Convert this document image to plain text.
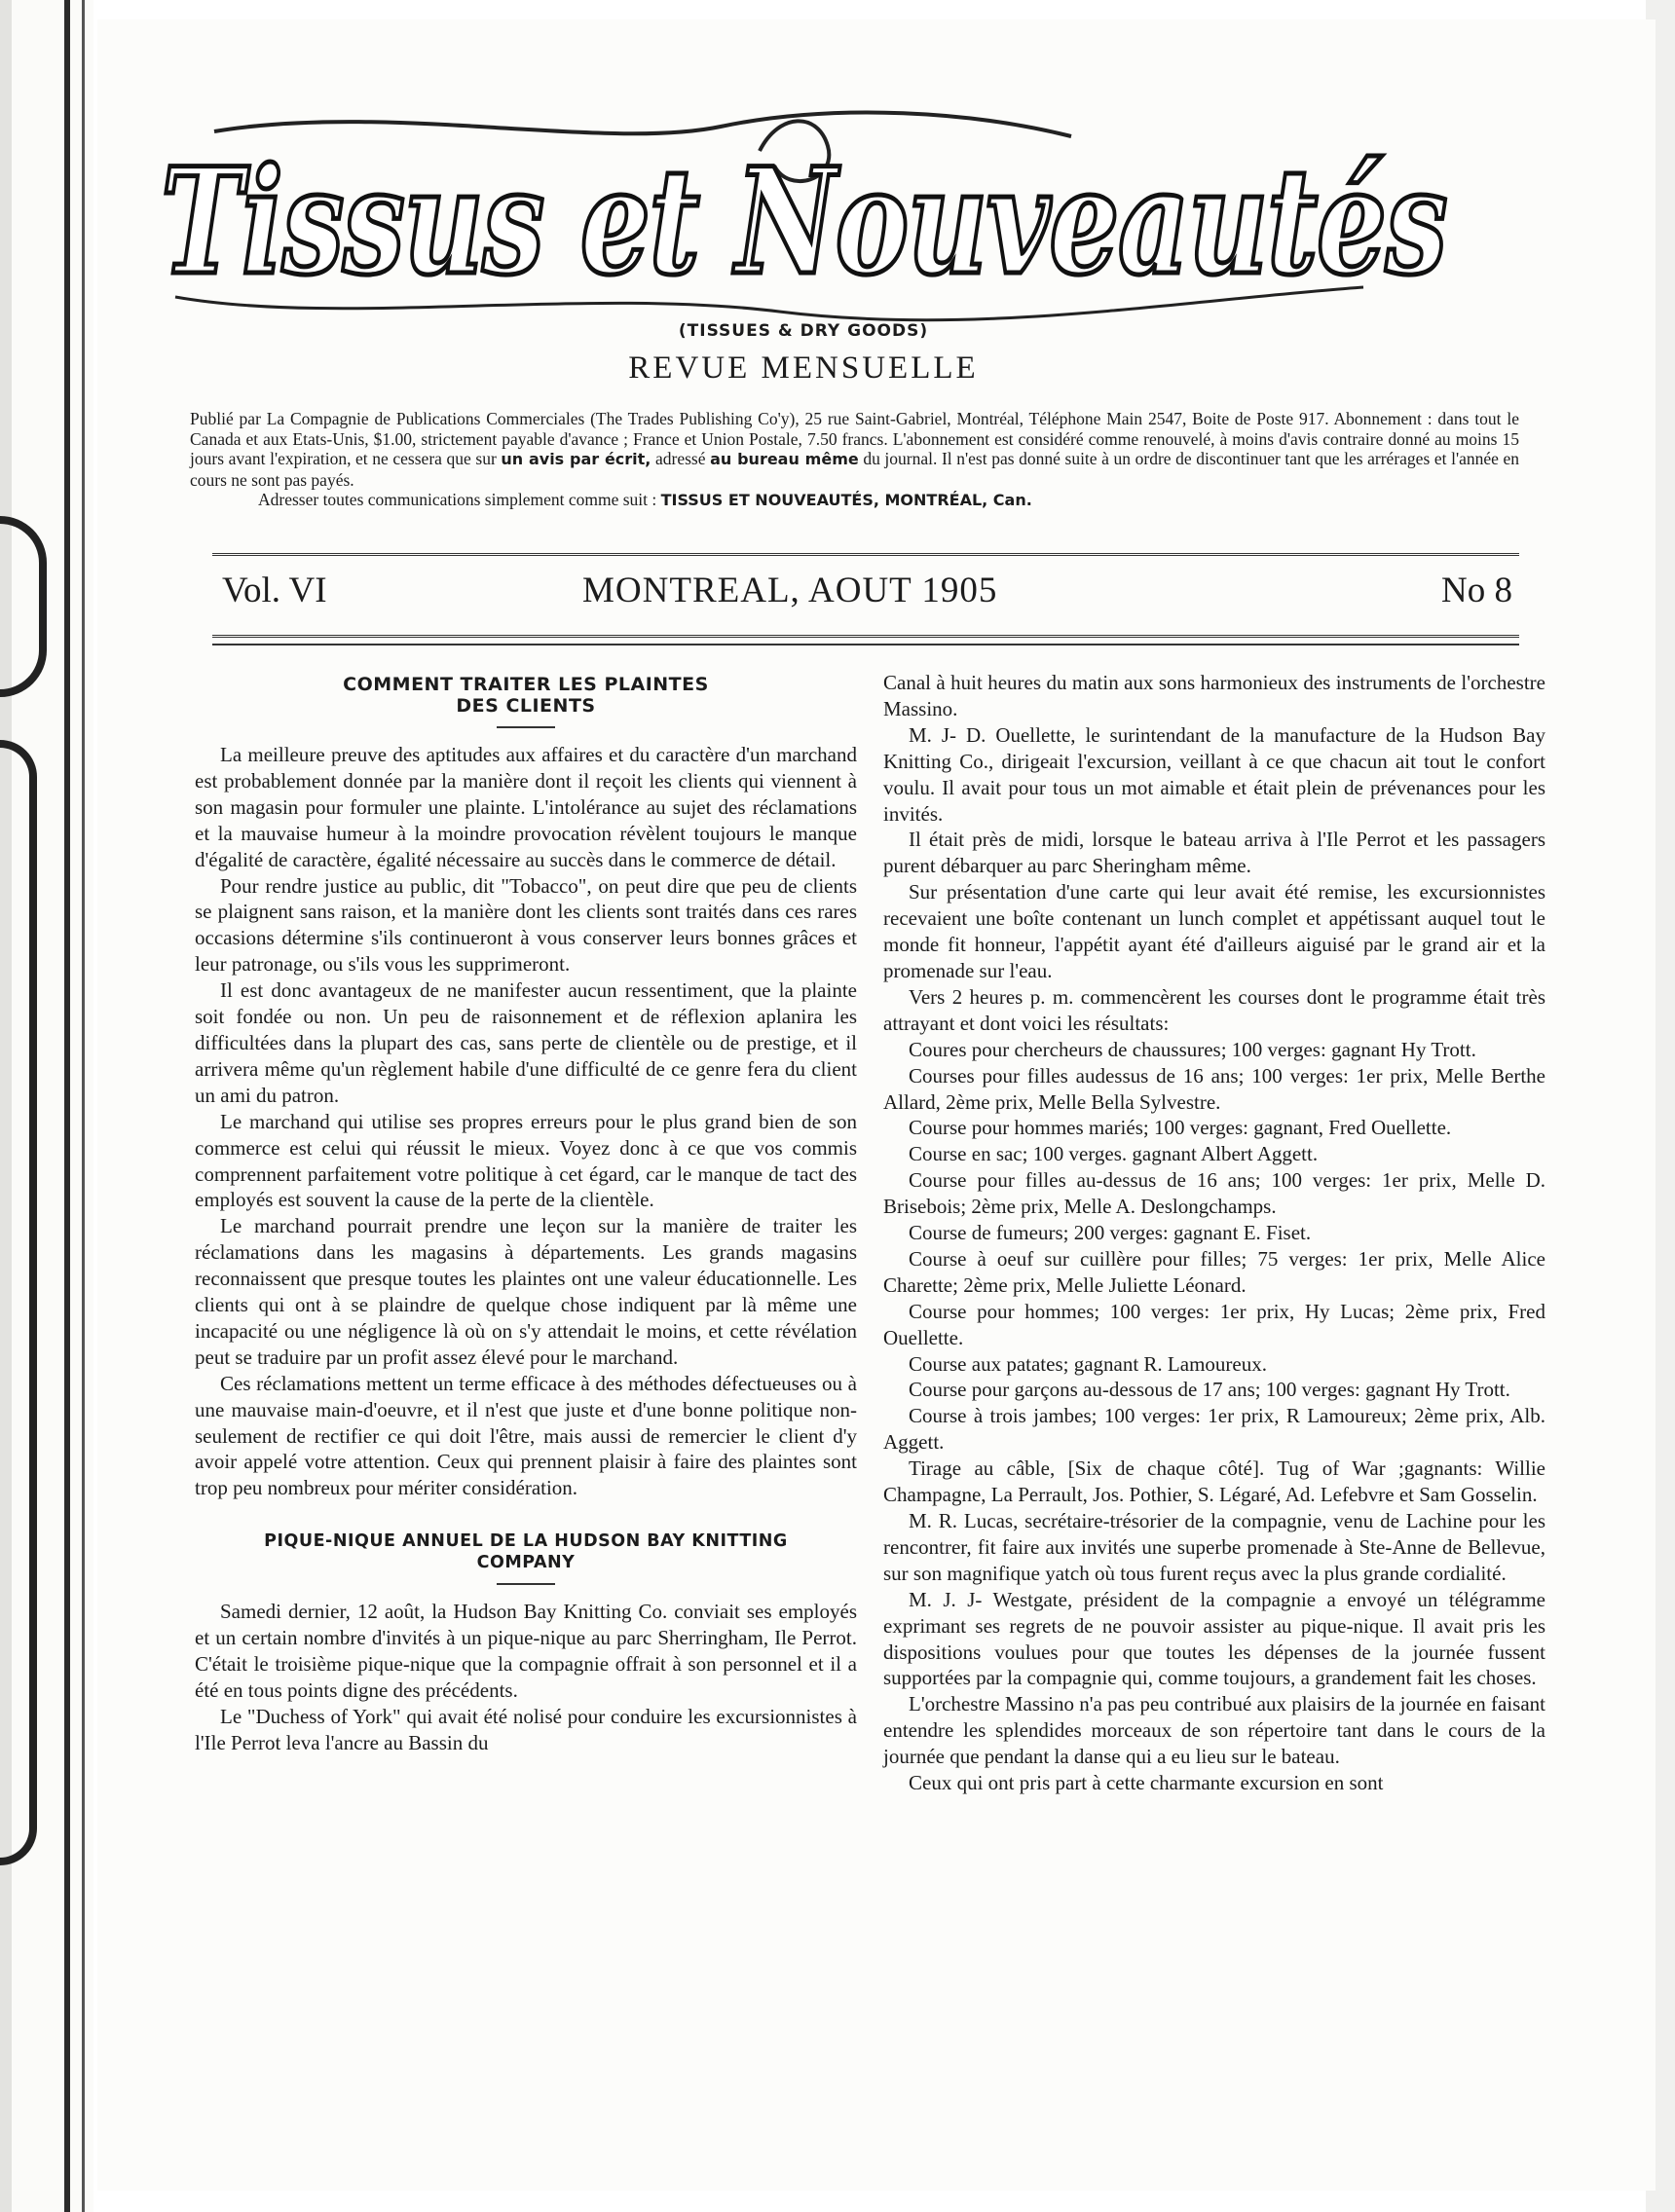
Tissus et Nouveautés
(TISSUES & DRY GOODS)
REVUE MENSUELLE
Publié par La Compagnie de Publications Commerciales (The Trades Publishing Co'y), 25 rue Saint-Gabriel, Montréal, Téléphone Main 2547, Boite de Poste 917. Abonnement : dans tout le Canada et aux Etats-Unis, $1.00, strictement payable d'avance ; France et Union Postale, 7.50 francs. L'abonnement est considéré comme renouvelé, à moins d'avis contraire donné au moins 15 jours avant l'expiration, et ne cessera que sur un avis par écrit, adressé au bureau même du journal. Il n'est pas donné suite à un ordre de discontinuer tant que les arrérages et l'année en cours ne sont pas payés.
Adresser toutes communications simplement comme suit : TISSUS ET NOUVEAUTÉS, MONTRÉAL, Can.
Vol. VI	MONTREAL, AOUT 1905	No 8
COMMENT TRAITER LES PLAINTES
DES CLIENTS

La meilleure preuve des aptitudes aux affaires et du caractère d'un marchand est probablement donnée par la manière dont il reçoit les clients qui viennent à son magasin pour formuler une plainte. L'intolérance au sujet des réclamations et la mauvaise humeur à la moindre provocation révèlent toujours le manque d'égalité de caractère, égalité nécessaire au succès dans le commerce de détail.

Pour rendre justice au public, dit "Tobacco", on peut dire que peu de clients se plaignent sans raison, et la manière dont les clients sont traités dans ces rares occasions détermine s'ils continueront à vous conserver leurs bonnes grâces et leur patronage, ou s'ils vous les supprimeront.

Il est donc avantageux de ne manifester aucun ressentiment, que la plainte soit fondée ou non. Un peu de raisonnement et de réflexion aplanira les difficultées dans la plupart des cas, sans perte de clientèle ou de prestige, et il arrivera même qu'un règlement habile d'une difficulté de ce genre fera du client un ami du patron.

Le marchand qui utilise ses propres erreurs pour le plus grand bien de son commerce est celui qui réussit le mieux. Voyez donc à ce que vos commis comprennent parfaitement votre politique à cet égard, car le manque de tact des employés est souvent la cause de la perte de la clientèle.

Le marchand pourrait prendre une leçon sur la manière de traiter les réclamations dans les magasins à départements. Les grands magasins reconnaissent que presque toutes les plaintes ont une valeur éducationnelle. Les clients qui ont à se plaindre de quelque chose indiquent par là même une incapacité ou une négligence là où on s'y attendait le moins, et cette révélation peut se traduire par un profit assez élevé pour le marchand.

Ces réclamations mettent un terme efficace à des méthodes défectueuses ou à une mauvaise main-d'oeuvre, et il n'est que juste et d'une bonne politique non-seulement de rectifier ce qui doit l'être, mais aussi de remercier le client d'y avoir appelé votre attention. Ceux qui prennent plaisir à faire des plaintes sont trop peu nombreux pour mériter considération.

PIQUE-NIQUE ANNUEL DE LA HUDSON BAY KNITTING
COMPANY

Samedi dernier, 12 août, la Hudson Bay Knitting Co. conviait ses employés et un certain nombre d'invités à un pique-nique au parc Sherringham, Ile Perrot. C'était le troisième pique-nique que la compagnie offrait à son personnel et il a été en tous points digne des précédents.

Le "Duchess of York" qui avait été nolisé pour conduire les excursionnistes à l'Ile Perrot leva l'ancre au Bassin du

Canal à huit heures du matin aux sons harmonieux des instruments de l'orchestre Massino.

M. J- D. Ouellette, le surintendant de la manufacture de la Hudson Bay Knitting Co., dirigeait l'excursion, veillant à ce que chacun ait tout le confort voulu. Il avait pour tous un mot aimable et était plein de prévenances pour les invités.

Il était près de midi, lorsque le bateau arriva à l'Ile Perrot et les passagers purent débarquer au parc Sheringham même.

Sur présentation d'une carte qui leur avait été remise, les excursionnistes recevaient une boîte contenant un lunch complet et appétissant auquel tout le monde fit honneur, l'appétit ayant été d'ailleurs aiguisé par le grand air et la promenade sur l'eau.

Vers 2 heures p. m. commencèrent les courses dont le programme était très attrayant et dont voici les résultats:

Coures pour chercheurs de chaussures; 100 verges: gagnant Hy Trott.

Courses pour filles audessus de 16 ans; 100 verges: 1er prix, Melle Berthe Allard, 2ème prix, Melle Bella Sylvestre.

Course pour hommes mariés; 100 verges: gagnant, Fred Ouellette.

Course en sac; 100 verges. gagnant Albert Aggett.

Course pour filles au-dessus de 16 ans; 100 verges: 1er prix, Melle D. Brisebois; 2ème prix, Melle A. Deslongchamps.

Course de fumeurs; 200 verges: gagnant E. Fiset.

Course à oeuf sur cuillère pour filles; 75 verges: 1er prix, Melle Alice Charette; 2ème prix, Melle Juliette Léonard.

Course pour hommes; 100 verges: 1er prix, Hy Lucas; 2ème prix, Fred Ouellette.

Course aux patates; gagnant R. Lamoureux.

Course pour garçons au-dessous de 17 ans; 100 verges: gagnant Hy Trott.

Course à trois jambes; 100 verges: 1er prix, R Lamoureux; 2ème prix, Alb. Aggett.

Tirage au câble, [Six de chaque côté]. Tug of War ;gagnants: Willie Champagne, La Perrault, Jos. Pothier, S. Légaré, Ad. Lefebvre et Sam Gosselin.

M. R. Lucas, secrétaire-trésorier de la compagnie, venu de Lachine pour les rencontrer, fit faire aux invités une superbe promenade à Ste-Anne de Bellevue, sur son magnifique yatch où tous furent reçus avec la plus grande cordialité.

M. J. J- Westgate, président de la compagnie a envoyé un télégramme exprimant ses regrets de ne pouvoir assister au pique-nique. Il avait pris les dispositions voulues pour que toutes les dépenses de la journée fussent supportées par la compagnie qui, comme toujours, a grandement fait les choses.

L'orchestre Massino n'a pas peu contribué aux plaisirs de la journée en faisant entendre les splendides morceaux de son répertoire tant dans le cours de la journée que pendant la danse qui a eu lieu sur le bateau.

Ceux qui ont pris part à cette charmante excursion en sont
